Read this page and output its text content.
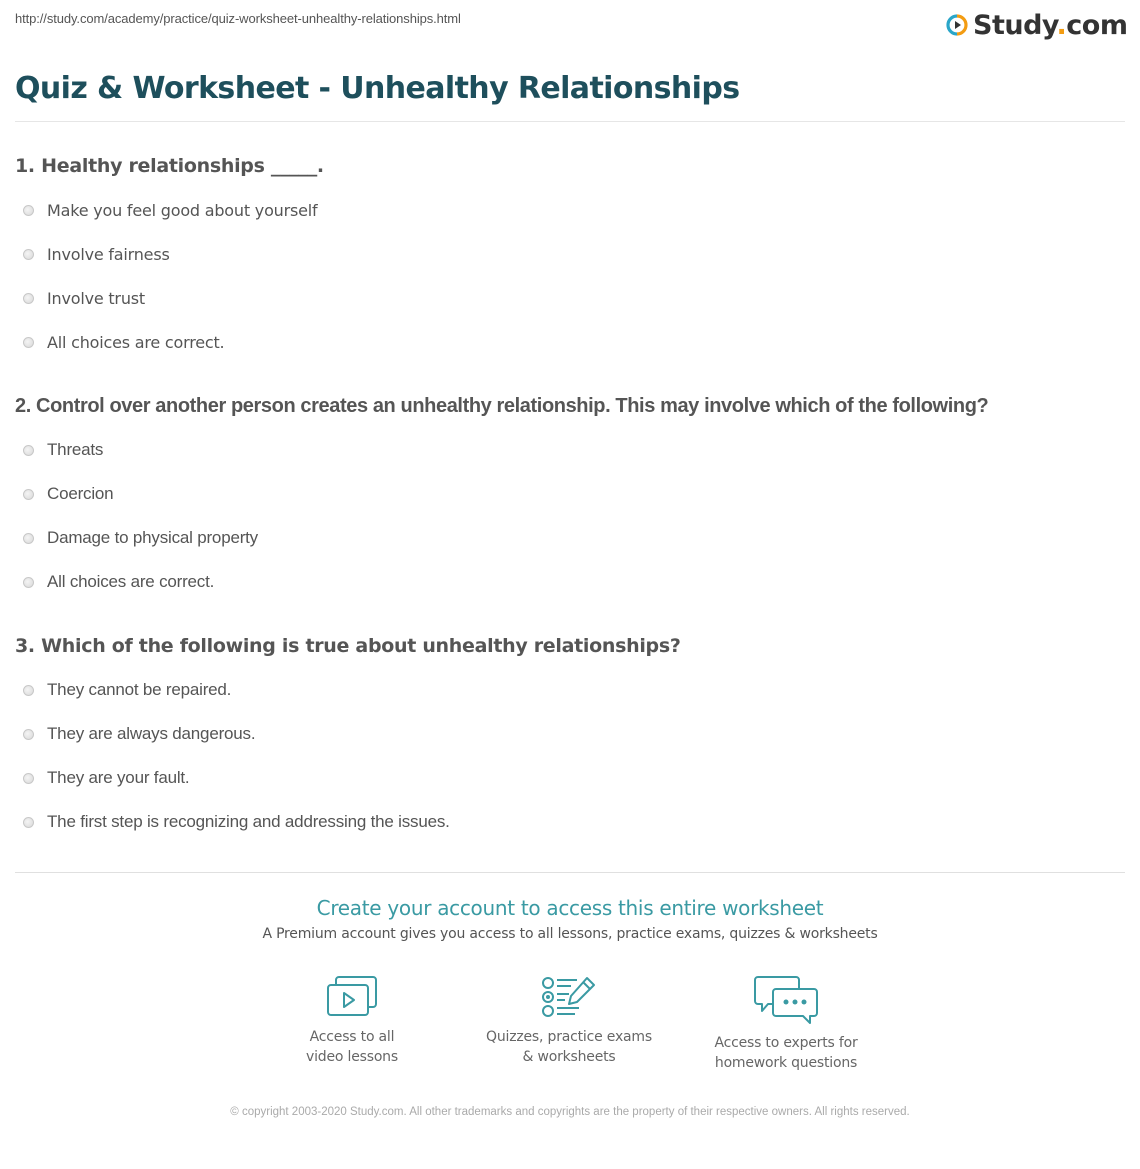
http://study.com/academy/practice/quiz-worksheet-unhealthy-relationships.html	Study.com
Quiz & Worksheet - Unhealthy Relationships
1. Healthy relationships _____.
Make you feel good about yourself
Involve fairness
Involve trust
All choices are correct.
2. Control over another person creates an unhealthy relationship. This may involve which of the following?
Threats
Coercion
Damage to physical property
All choices are correct.
3. Which of the following is true about unhealthy relationships?
They cannot be repaired.
They are always dangerous.
They are your fault.
The first step is recognizing and addressing the issues.
Create your account to access this entire worksheet
A Premium account gives you access to all lessons, practice exams, quizzes & worksheets
Access to all
video lessons
Quizzes, practice exams
& worksheets
Access to experts for
homework questions
© copyright 2003-2020 Study.com. All other trademarks and copyrights are the property of their respective owners. All rights reserved.
